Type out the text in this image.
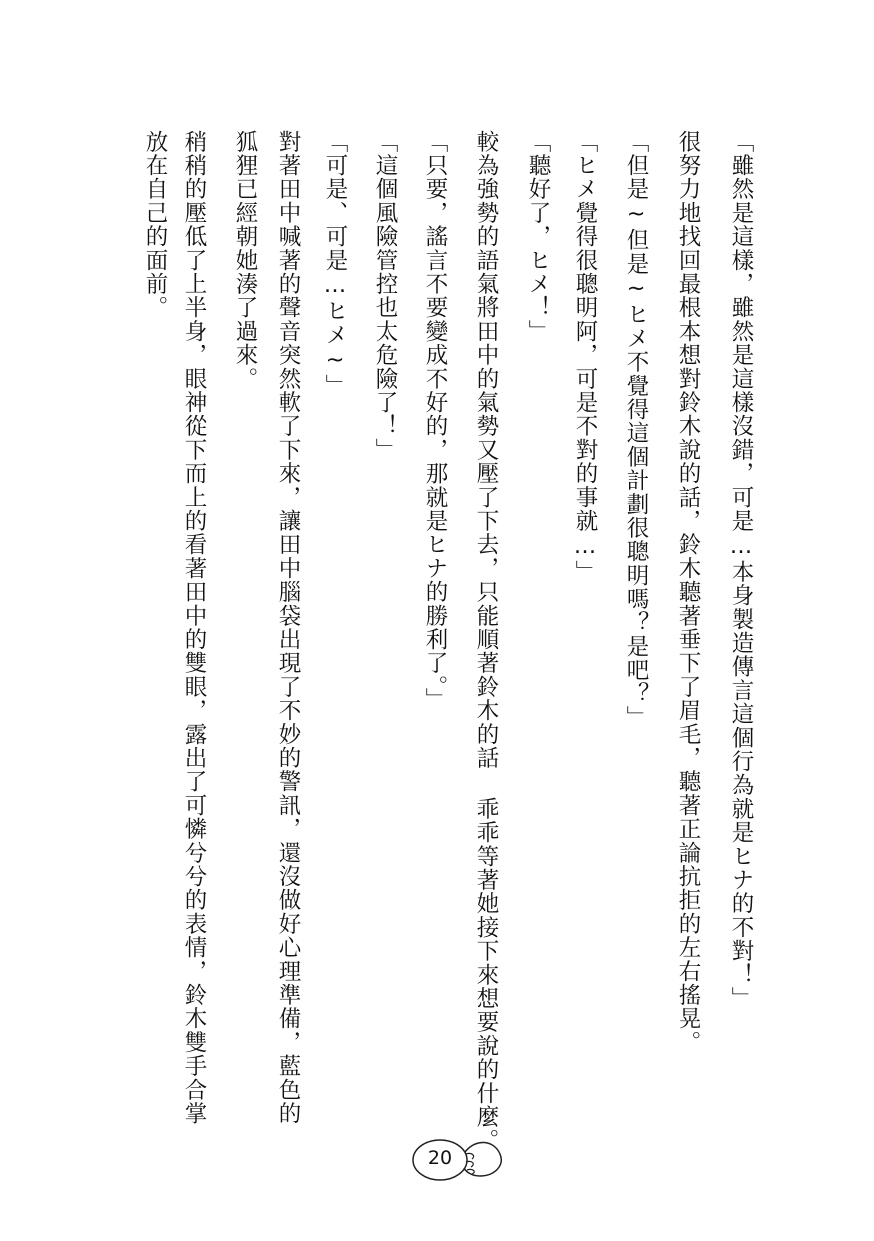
「雖然是這樣，雖然是這樣沒錯，可是…本身製造傳言這個行為就是ヒナ的不對！」
很努力地找回最根本想對鈴木說的話，鈴木聽著垂下了眉毛，聽著正論抗拒的左右搖晃。
「但是~但是~ヒメ不覺得這個計劃很聰明嗎？是吧？」
「ヒメ覺得很聰明阿，可是不對的事就…」
「聽好了，ヒメ！」
較為強勢的語氣將田中的氣勢又壓了下去，只能順著鈴木的話 乖乖等著她接下來想要說的什麼。
「只要，謠言不要變成不好的，那就是ヒナ的勝利了。」
「這個風險管控也太危險了！」
「可是、可是…ヒメ~」
對著田中喊著的聲音突然軟了下來，讓田中腦袋出現了不妙的警訊，還沒做好心理準備，藍色的
狐狸已經朝她湊了過來。
稍稍的壓低了上半身，眼神從下而上的看著田中的雙眼，露出了可憐兮兮的表情，鈴木雙手合掌
放在自己的面前。
20
